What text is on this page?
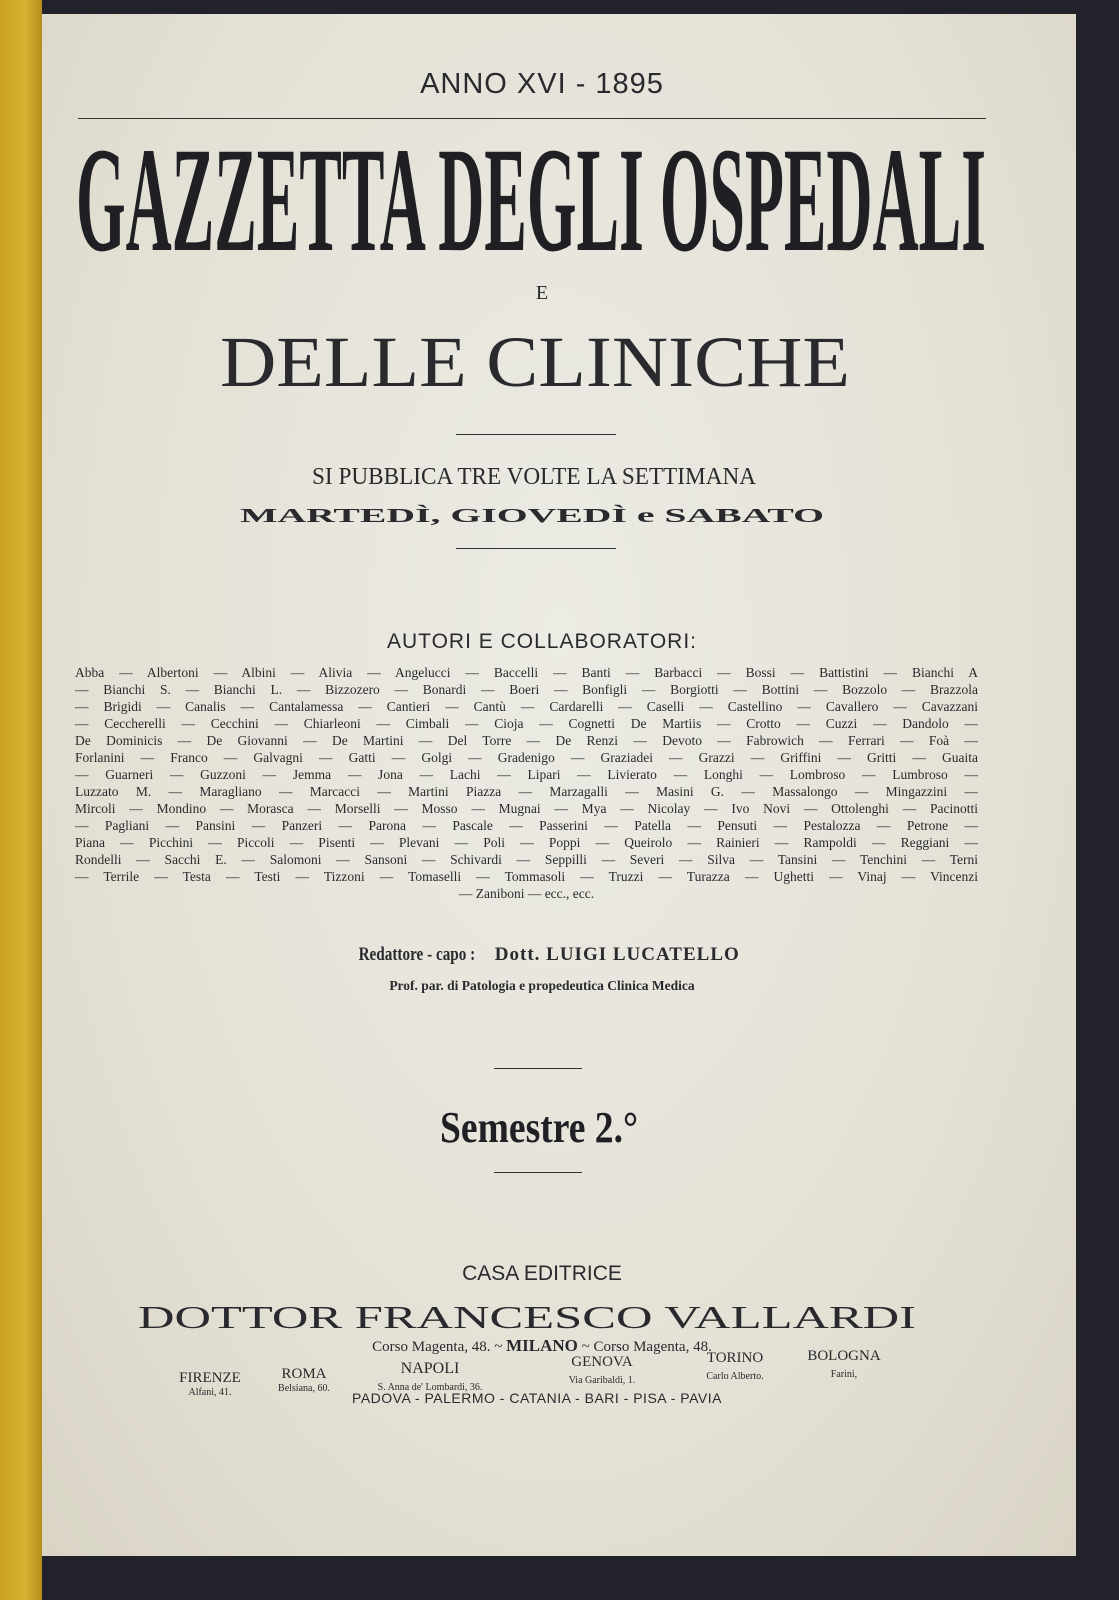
ANNO XVI - 1895
GAZZETTA DEGLI OSPEDALI
E
DELLE CLINICHE
SI PUBBLICA TRE VOLTE LA SETTIMANA
MARTEDÌ, GIOVEDÌ e SABATO
AUTORI E COLLABORATORI:
Abba — Albertoni — Albini — Alivia — Angelucci — Baccelli — Banti — Barbacci — Bossi — Battistini — Bianchi A
— Bianchi S. — Bianchi L. — Bizzozero — Bonardi — Boeri — Bonfigli — Borgiotti — Bottini — Bozzolo — Brazzola
— Brigidi — Canalis — Cantalamessa — Cantieri — Cantù — Cardarelli — Caselli — Castellino — Cavallero — Cavazzani
— Ceccherelli — Cecchini — Chiarleoni — Cimbali — Cioja — Cognetti De Martiis — Crotto — Cuzzi — Dandolo —
De Dominicis — De Giovanni — De Martini — Del Torre — De Renzi — Devoto — Fabrowich — Ferrari — Foà —
Forlanini — Franco — Galvagni — Gatti — Golgi — Gradenigo — Graziadei — Grazzi — Griffini — Gritti — Guaita
— Guarneri — Guzzoni — Jemma — Jona — Lachi — Lipari — Livierato — Longhi — Lombroso — Lumbroso —
Luzzato M. — Maragliano — Marcacci — Martini Piazza — Marzagalli — Masini G. — Massalongo — Mingazzini —
Mircoli — Mondino — Morasca — Morselli — Mosso — Mugnai — Mya — Nicolay — Ivo Novi — Ottolenghi — Pacinotti
— Pagliani — Pansini — Panzeri — Parona — Pascale — Passerini — Patella — Pensuti — Pestalozza — Petrone —
Piana — Picchini — Piccoli — Pisenti — Plevani — Poli — Poppi — Queirolo — Rainieri — Rampoldi — Reggiani —
Rondelli — Sacchi E. — Salomoni — Sansoni — Schivardi — Seppilli — Severi — Silva — Tansini — Tenchini — Terni
— Terrile — Testa — Testi — Tizzoni — Tomaselli — Tommasoli — Truzzi — Turazza — Ughetti — Vinaj — Vincenzi
— Zaniboni — ecc., ecc.
Redattore - capo : Dott. LUIGI LUCATELLO
Prof. par. di Patologia e propedeutica Clinica Medica
Semestre 2.°
CASA EDITRICE
DOTTOR FRANCESCO VALLARDI
Corso Magenta, 48. ~ MILANO ~ Corso Magenta, 48.
FIRENZE
Alfani, 41.
ROMA
Belsiana, 60.
NAPOLI
S. Anna de' Lombardi, 36.
GENOVA
Via Garibaldi, 1.
TORINO
Carlo Alberto.
BOLOGNA
Farini,
PADOVA - PALERMO - CATANIA - BARI - PISA - PAVIA
